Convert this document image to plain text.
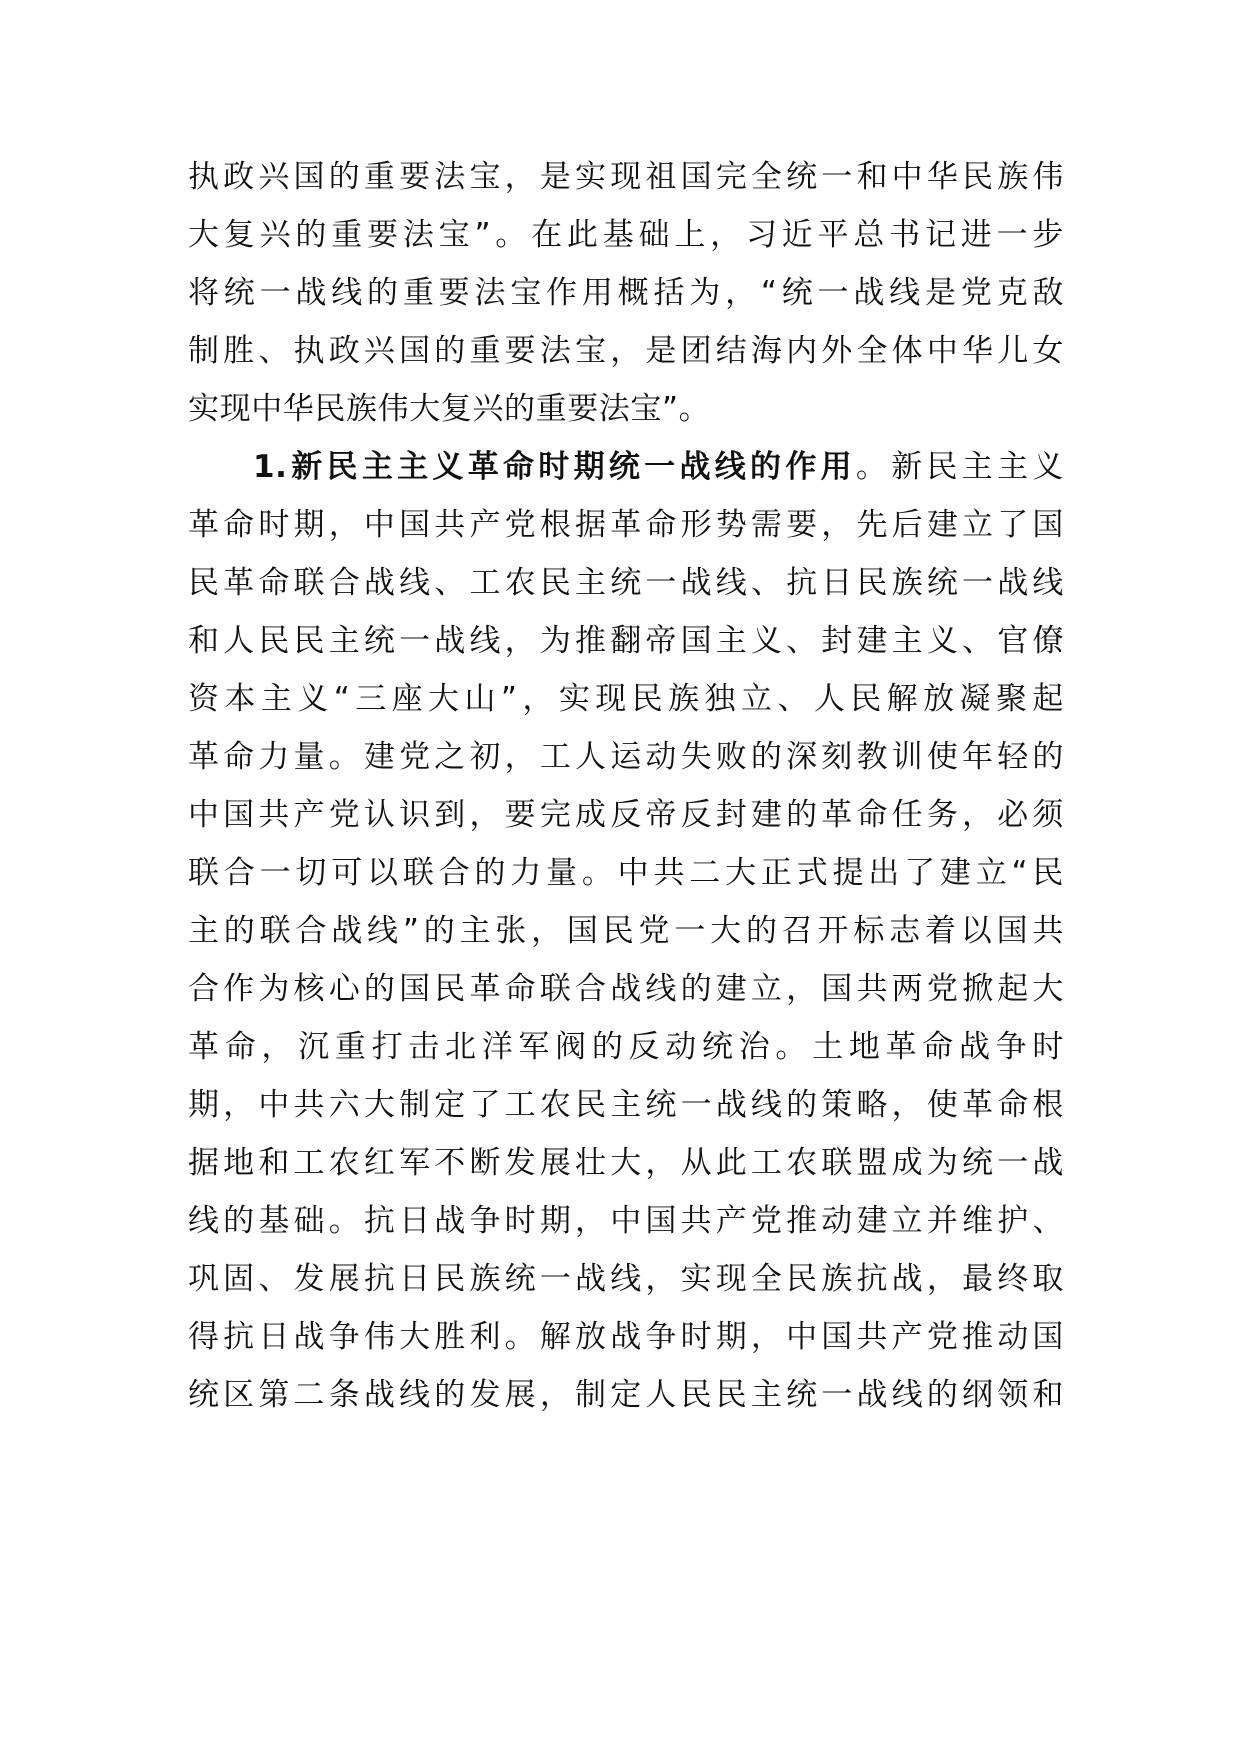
执政兴国的重要法宝，是实现祖国完全统一和中华民族伟
大复兴的重要法宝”。在此基础上，习近平总书记进一步
将统一战线的重要法宝作用概括为，“统一战线是党克敌
制胜、执政兴国的重要法宝，是团结海内外全体中华儿女
实现中华民族伟大复兴的重要法宝”。
1.新民主主义革命时期统一战线的作用。新民主主义
革命时期，中国共产党根据革命形势需要，先后建立了国
民革命联合战线、工农民主统一战线、抗日民族统一战线
和人民民主统一战线，为推翻帝国主义、封建主义、官僚
资本主义“三座大山”，实现民族独立、人民解放凝聚起
革命力量。建党之初，工人运动失败的深刻教训使年轻的
中国共产党认识到，要完成反帝反封建的革命任务，必须
联合一切可以联合的力量。中共二大正式提出了建立“民
主的联合战线”的主张，国民党一大的召开标志着以国共
合作为核心的国民革命联合战线的建立，国共两党掀起大
革命，沉重打击北洋军阀的反动统治。土地革命战争时
期，中共六大制定了工农民主统一战线的策略，使革命根
据地和工农红军不断发展壮大，从此工农联盟成为统一战
线的基础。抗日战争时期，中国共产党推动建立并维护、
巩固、发展抗日民族统一战线，实现全民族抗战，最终取
得抗日战争伟大胜利。解放战争时期，中国共产党推动国
统区第二条战线的发展，制定人民民主统一战线的纲领和
